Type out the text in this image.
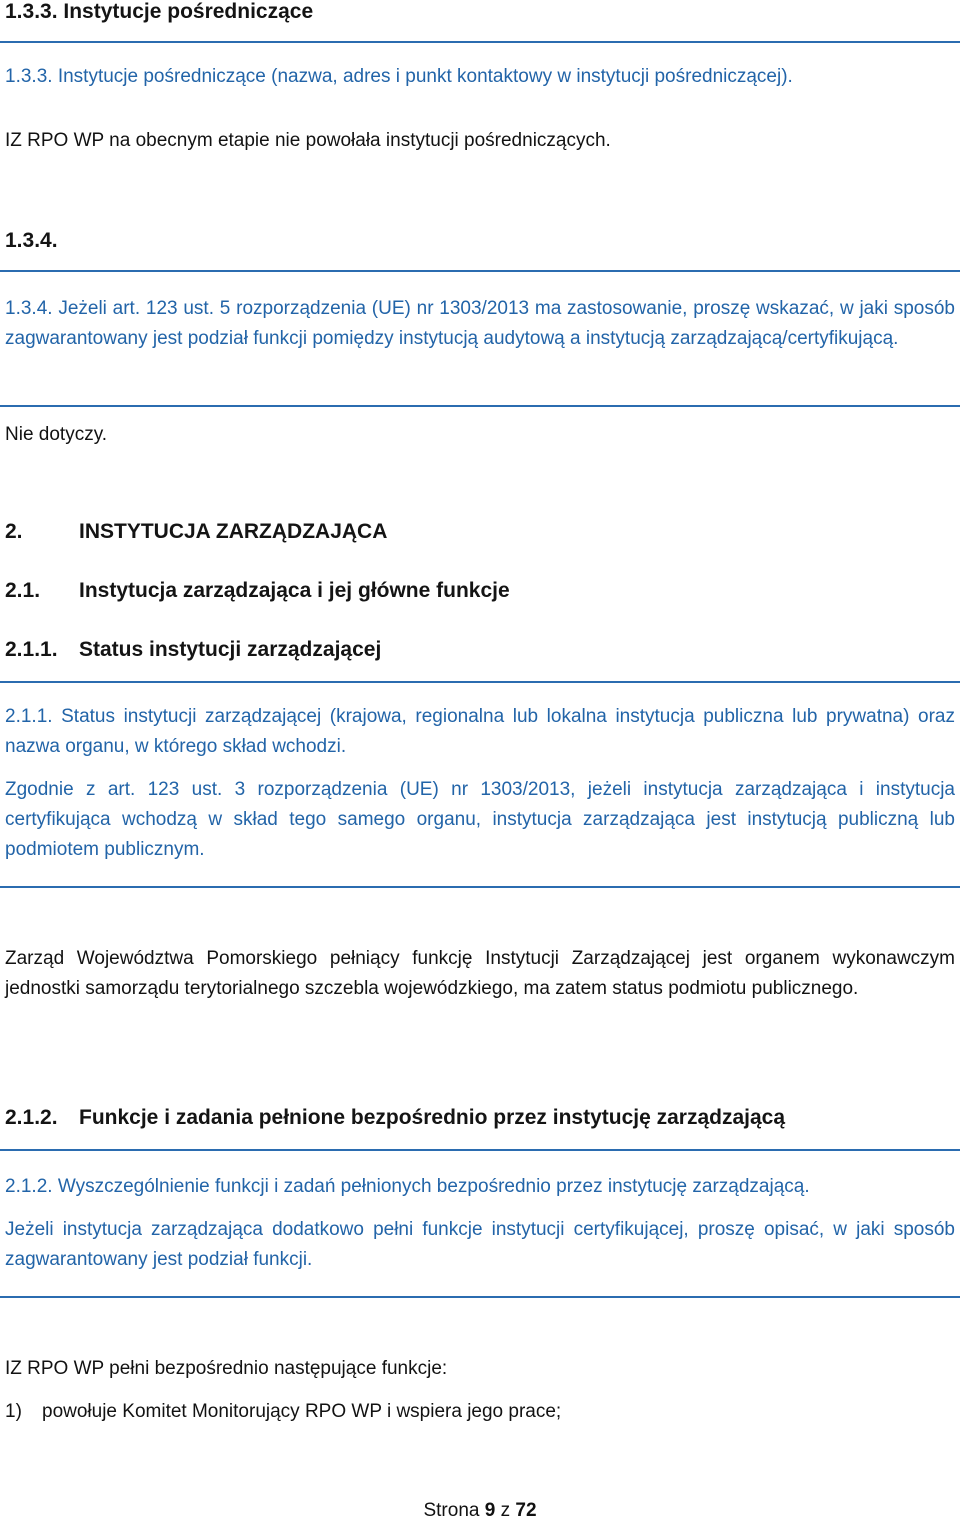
1.3.3. Instytucje pośredniczące
1.3.3. Instytucje pośredniczące (nazwa, adres i punkt kontaktowy w instytucji pośredniczącej).
IZ RPO WP na obecnym etapie nie powołała instytucji pośredniczących.
1.3.4.
1.3.4. Jeżeli art. 123 ust. 5 rozporządzenia (UE) nr 1303/2013 ma zastosowanie, proszę wskazać, w jaki sposób zagwarantowany jest podział funkcji pomiędzy instytucją audytową a instytucją zarządzającą/certyfikującą.
Nie dotyczy.
2.	INSTYTUCJA ZARZĄDZAJĄCA
2.1. Instytucja zarządzająca i jej główne funkcje
2.1.1. Status instytucji zarządzającej
2.1.1. Status instytucji zarządzającej (krajowa, regionalna lub lokalna instytucja publiczna lub prywatna) oraz nazwa organu, w którego skład wchodzi.
Zgodnie z art. 123 ust. 3 rozporządzenia (UE) nr 1303/2013, jeżeli instytucja zarządzająca i instytucja certyfikująca wchodzą w skład tego samego organu, instytucja zarządzająca jest instytucją publiczną lub podmiotem publicznym.
Zarząd Województwa Pomorskiego pełniący funkcję Instytucji Zarządzającej jest organem wykonawczym jednostki samorządu terytorialnego szczebla wojewódzkiego, ma zatem status podmiotu publicznego.
2.1.2. Funkcje i zadania pełnione bezpośrednio przez instytucję zarządzającą
2.1.2. Wyszczególnienie funkcji i zadań pełnionych bezpośrednio przez instytucję zarządzającą.
Jeżeli instytucja zarządzająca dodatkowo pełni funkcje instytucji certyfikującej, proszę opisać, w jaki sposób zagwarantowany jest podział funkcji.
IZ RPO WP pełni bezpośrednio następujące funkcje:
1) powołuje Komitet Monitorujący RPO WP i wspiera jego prace;
Strona 9 z 72
